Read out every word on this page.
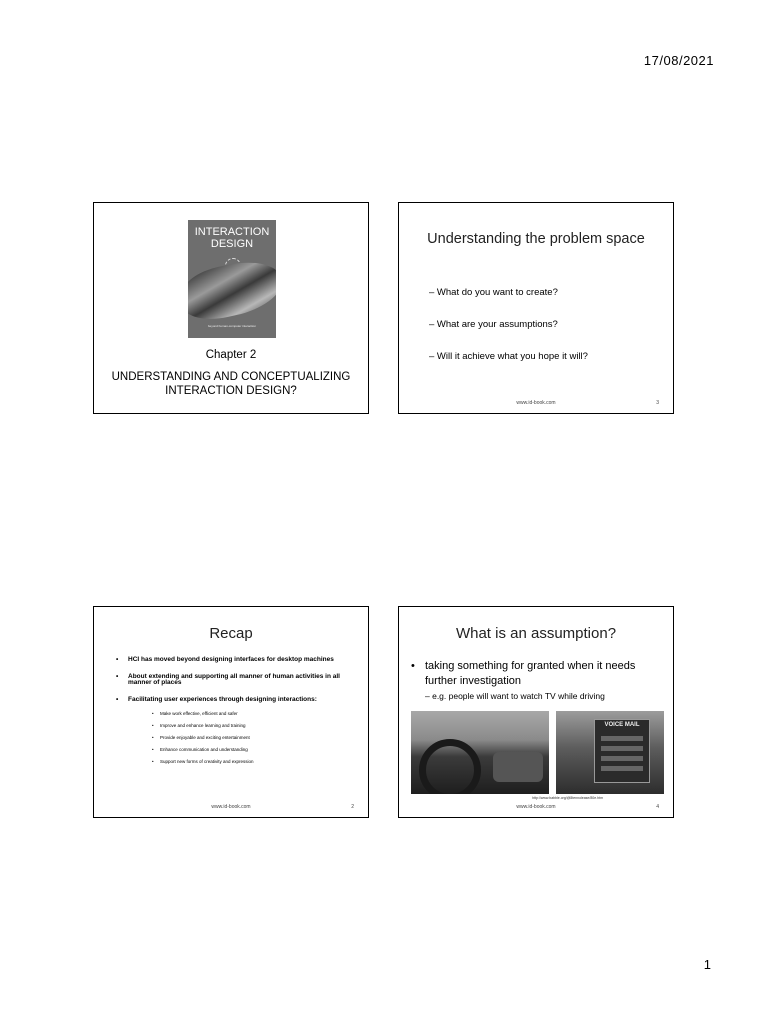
17/08/2021
INTERACTION
DESIGN
beyond human-computer interaction
Chapter 2
UNDERSTANDING AND CONCEPTUALIZING
INTERACTION DESIGN?
Understanding the problem space
– What do you want to create?
– What are your assumptions?
– Will it achieve what you hope it will?
www.id-book.com	3
Recap
• HCI has moved beyond designing interfaces for desktop machines
• About extending and supporting all manner of human activities in all manner of places
• Facilitating user experiences through designing interactions:
• Make work effective, efficient and safer
• Improve and enhance learning and training
• Provide enjoyable and exciting entertainment
• Enhance communication and understanding
• Support new forms of creativity and expression
www.id-book.com	2
What is an assumption?
• taking something for granted when it needs further investigation
– e.g. people will want to watch TV while driving
VOICE MAIL
http://www.babble.org/@8tennolease/80e.htm
www.id-book.com	4
1
